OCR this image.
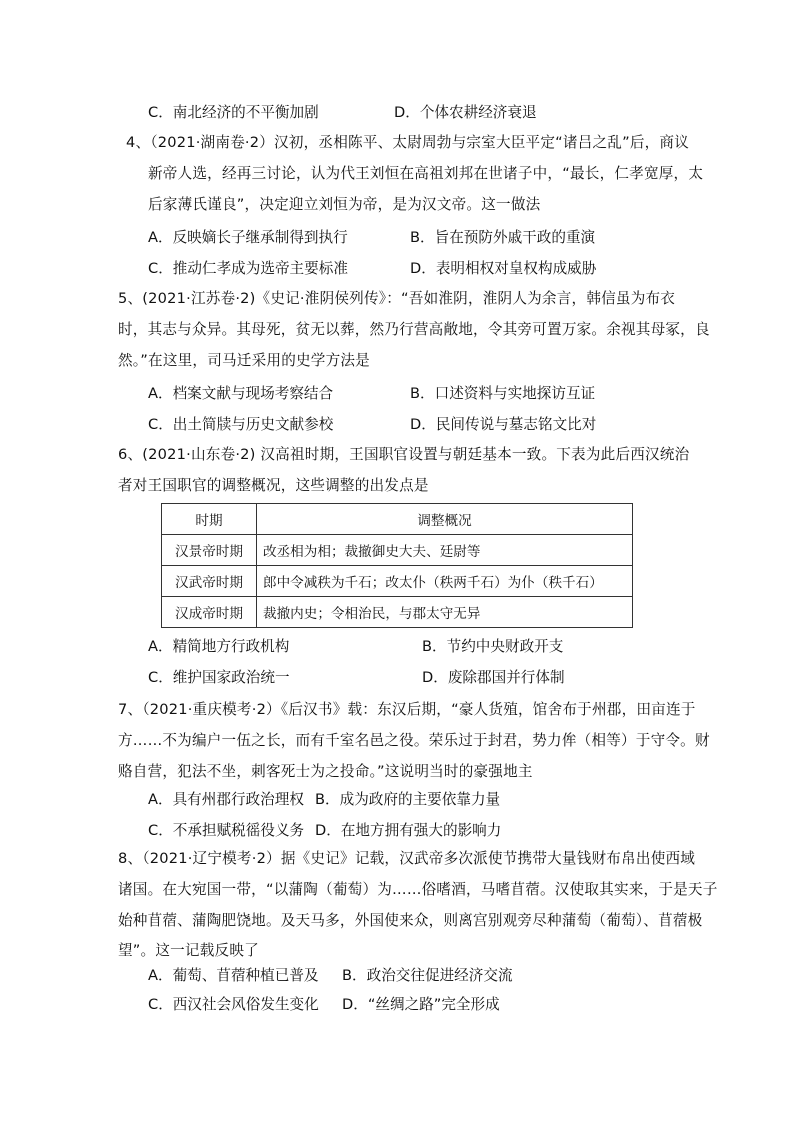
C．南北经济的不平衡加剧	D．个体农耕经济衰退
4、（2021·湖南卷·2）汉初，丞相陈平、太尉周勃与宗室大臣平定“诸吕之乱”后，商议
新帝人选，经再三讨论，认为代王刘恒在高祖刘邦在世诸子中，“最长，仁孝宽厚，太
后家薄氏谨良”，决定迎立刘恒为帝，是为汉文帝。这一做法
A．反映嫡长子继承制得到执行	B．旨在预防外戚干政的重演
C．推动仁孝成为选帝主要标准	D．表明相权对皇权构成威胁
5、(2021·江苏卷·2)《史记·淮阴侯列传》：“吾如淮阴，淮阴人为余言，韩信虽为布衣
时，其志与众异。其母死，贫无以葬，然乃行营高敞地，令其旁可置万家。余视其母冢，良
然。”在这里，司马迁采用的史学方法是
A．档案文献与现场考察结合	B．口述资料与实地探访互证
C．出土简牍与历史文献参校	D．民间传说与墓志铭文比对
6、(2021·山东卷·2) 汉高祖时期，王国职官设置与朝廷基本一致。下表为此后西汉统治
者对王国职官的调整概况，这些调整的出发点是
时期	调整概况
汉景帝时期	改丞相为相；裁撤御史大夫、廷尉等
汉武帝时期	郎中令减秩为千石；改太仆（秩两千石）为仆（秩千石）
汉成帝时期	裁撤内史；令相治民，与郡太守无异
A．精简地方行政机构	B．节约中央财政开支
C．维护国家政治统一	D．废除郡国并行体制
7、（2021·重庆模考·2）《后汉书》载：东汉后期，“豪人货殖，馆舍布于州郡，田亩连于
方……不为编户一伍之长，而有千室名邑之役。荣乐过于封君，势力侔（相等）于守令。财
赂自营，犯法不坐，刺客死士为之投命。”这说明当时的豪强地主
A．具有州郡行政治理权 B．成为政府的主要依靠力量
C．不承担赋税徭役义务 D．在地方拥有强大的影响力
8、（2021·辽宁模考·2）据《史记》记载，汉武帝多次派使节携带大量钱财布帛出使西域
诸国。在大宛国一带，“以蒲陶（葡萄）为……俗嗜酒，马嗜苜蓿。汉使取其实来，于是天子
始种苜蓿、蒲陶肥饶地。及天马多，外国使来众，则离宫别观旁尽种蒲萄（葡萄）、苜蓿极
望”。这一记载反映了
A．葡萄、苜蓿种植已普及 B．政治交往促进经济交流
C．西汉社会风俗发生变化 D．“丝绸之路”完全形成
